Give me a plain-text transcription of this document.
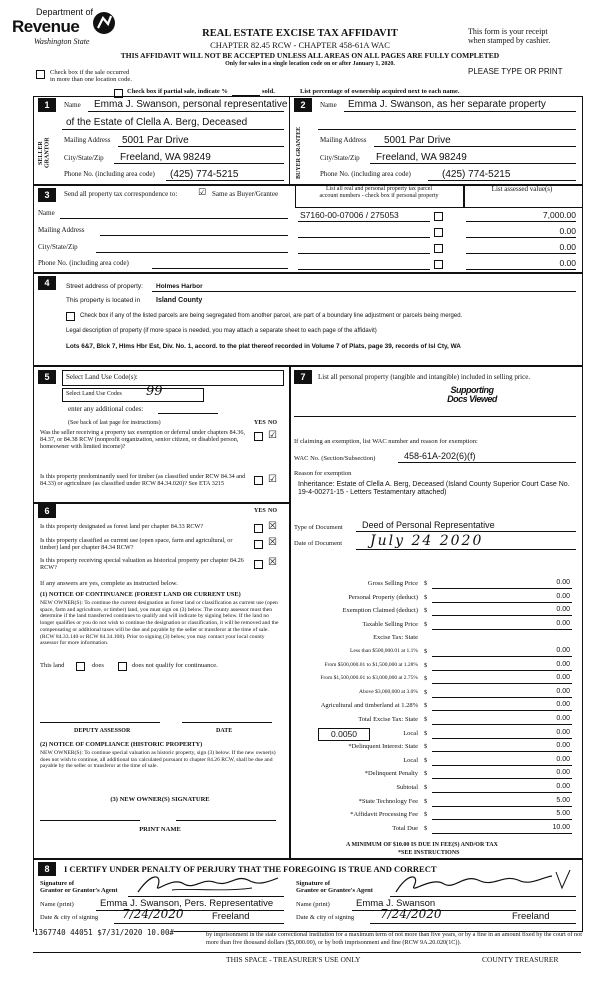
Department of
Revenue
Washington State
REAL ESTATE EXCISE TAX AFFIDAVIT
CHAPTER 82.45 RCW - CHAPTER 458-61A WAC
THIS AFFIDAVIT WILL NOT BE ACCEPTED UNLESS ALL AREAS ON ALL PAGES ARE FULLY COMPLETED
Only for sales in a single location code on or after January 1, 2020.
This form is your receipt
when stamped by cashier.
PLEASE TYPE OR PRINT
Check box if the sale occurred
in more than one location code.
Check box if partial sale, indicate %	sold.	List percentage of ownership acquired next to each name.
1
SELLER GRANTOR
Name Emma J. Swanson, personal representative
of the Estate of Clella A. Berg, Deceased
Mailing Address 5001 Par Drive
City/State/Zip Freeland, WA 98249
Phone No. (including area code) (425) 774-5215
2
BUYER GRANTEE
Name Emma J. Swanson, as her separate property
Mailing Address 5001 Par Drive
City/State/Zip Freeland, WA 98249
Phone No. (including area code)	(425) 774-5215
3	Send all property tax correspondence to: ☑ Same as Buyer/Grantee
Name
Mailing Address
City/State/Zip
Phone No. (including area code)
List all real and personal property tax parcel
account numbers - check box if personal property
List assessed value(s)
S7160-00-07006 / 275053	7,000.00
0.00
0.00
0.00
4	Street address of property: Holmes Harbor
This property is located in Island County
Check box if any of the listed parcels are being segregated from another parcel, are part of a boundary line adjustment or parcels being merged.
Legal description of property (if more space is needed, you may attach a separate sheet to each page of the affidavit)
Lots 6&7, Blck 7, Hlms Hbr Est, Div. No. 1, accord. to the plat thereof recorded in Volume 7 of Plats, page 39, records of Isl Cty, WA
5	Select Land Use Code(s):
Select Land Use Codes 99
enter any additional codes:
(See back of last page for instructions)	YES NO
Was the seller receiving a property tax exemption or deferral under chapters 84.36, 84.37, or 84.38 RCW (nonprofit organization, senior citizen, or disabled person, homeowner with limited income)?
☑
Is this property predominantly used for timber (as classified under RCW 84.34 and 84.33) or agriculture (as classified under RCW 84.34.020)? See ETA 3215	☑
6	YES NO
Is this property designated as forest land per chapter 84.33 RCW?	☒
Is this property classified as current use (open space, farm and agricultural, or timber) land per chapter 84.34 RCW?	☒
Is this property receiving special valuation as historical property per chapter 84.26 RCW?	☒
If any answers are yes, complete as instructed below.
(1) NOTICE OF CONTINUANCE (FOREST LAND OR CURRENT USE)
NEW OWNER(S): To continue the current designation as forest land or classification as current use (open space, farm and agriculture, or timber) land, you must sign on (3) below. The county assessor must then determine if the land transferred continues to qualify and will indicate by signing below. If the land no longer qualifies or you do not wish to continue the designation or classification, it will be removed and the compensating or additional taxes will be due and payable by the seller or transferor at the time of sale. (RCW 84.33.140 or RCW 84.34.108). Prior to signing (3) below, you may contact your local county assessor for more information.
This land	does	does not qualify for continuance.
DEPUTY ASSESSOR	DATE
(2) NOTICE OF COMPLIANCE (HISTORIC PROPERTY)
NEW OWNER(S): To continue special valuation as historic property, sign (3) below. If the new owner(s) does not wish to continue, all additional tax calculated pursuant to chapter 84.26 RCW, shall be due and payable by the seller or transferor at the time of sale.
(3) NEW OWNER(S) SIGNATURE
PRINT NAME
7	List all personal property (tangible and intangible) included in selling price.
Supporting Docs Viewed
If claiming an exemption, list WAC number and reason for exemption:
WAC No. (Section/Subsection)	458-61A-202(6)(f)
Reason for exemption
Inheritance: Estate of Clella A. Berg, Deceased (Island County Superior Court Case No. 19-4-00271-15 - Letters Testamentary attached)
Type of Document Deed of Personal Representative
Date of Document July 24 2020
Gross Selling Price $	0.00
Personal Property (deduct) $	0.00
Exemption Claimed (deduct) $	0.00
Taxable Selling Price $	0.00
Excise Tax: State
Less than $500,000.01 at 1.1% $	0.00
From $500,000.01 to $1,500,000 at 1.28% $	0.00
From $1,500,000.01 to $3,000,000 at 2.75% $	0.00
Above $3,000,000 at 3.0% $	0.00
Agricultural and timberland at 1.28% $	0.00
Total Excise Tax: State $	0.00
Local $	0.00
*Delinquent Interest: State $	0.00
Local $	0.00
*Delinquent Penalty $	0.00
Subtotal $	0.00
*State Technology Fee $	5.00
*Affidavit Processing Fee $	5.00
Total Due $	10.00
0.0050
A MINIMUM OF $10.00 IS DUE IN FEE(S) AND/OR TAX
*SEE INSTRUCTIONS
8	I CERTIFY UNDER PENALTY OF PERJURY THAT THE FOREGOING IS TRUE AND CORRECT
Signature of
Grantor or Grantor's Agent
Name (print)	Emma J. Swanson, Pers. Representative
Date & city of signing 7/24/2020	Freeland
Signature of
Grantee or Grantee's Agent
Name (print)	Emma J. Swanson
Date & city of signing 7/24/2020	Freeland
1367740 44051 $7/31/2020 10.00#	by imprisonment in the state correctional institution for a maximum term of not more than five years, or by a fine in an amount fixed by the court of not more than five thousand dollars ($5,000.00), or by both imprisonment and fine (RCW 9A.20.020(1C)).
THIS SPACE - TREASURER'S USE ONLY	COUNTY TREASURER
